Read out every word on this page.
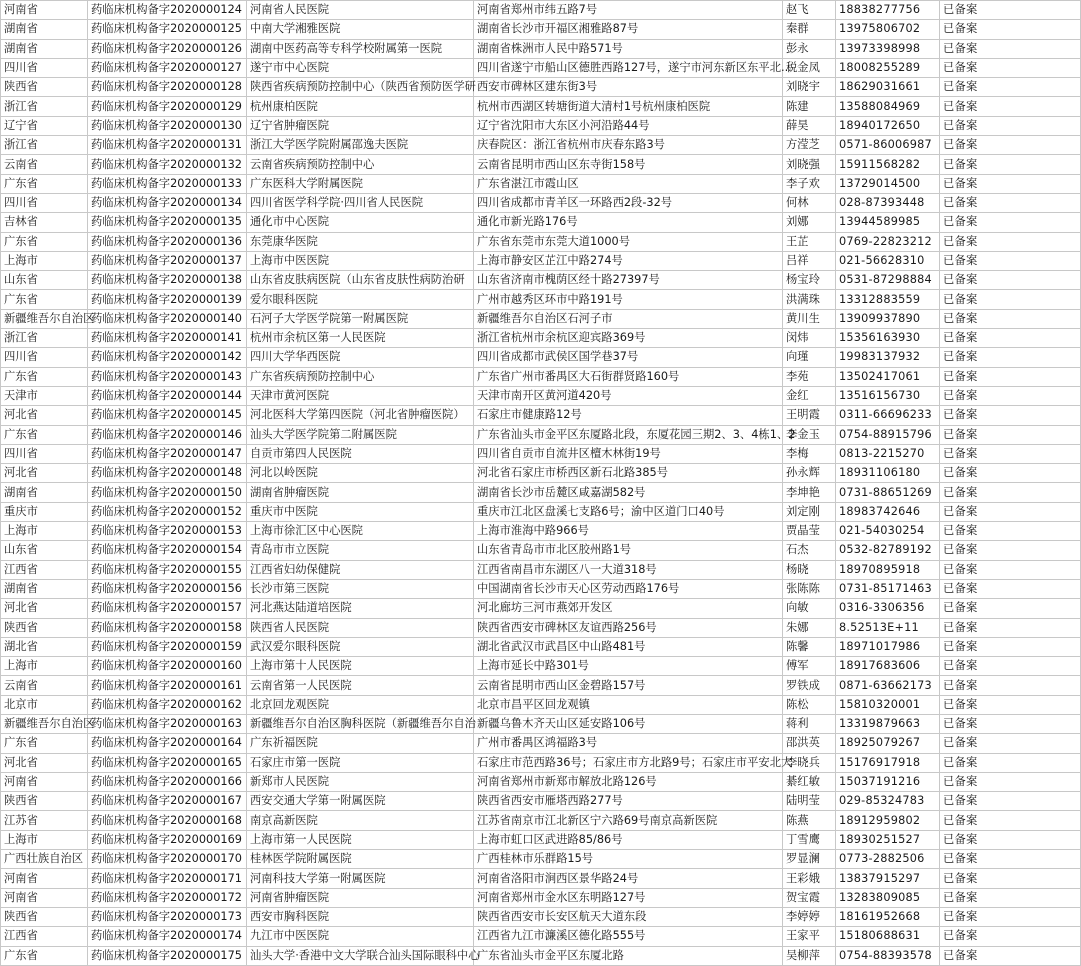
河南省	药临床机构备字2020000124	河南省人民医院	河南省郑州市纬五路7号	赵飞	18838277756	已备案
湖南省	药临床机构备字2020000125	中南大学湘雅医院	湖南省长沙市开福区湘雅路87号	秦群	13975806702	已备案
湖南省	药临床机构备字2020000126	湖南中医药高等专科学校附属第一医院	湖南省株洲市人民中路571号	彭永	13973398998	已备案
四川省	药临床机构备字2020000127	遂宁市中心医院	四川省遂宁市船山区德胜西路127号，遂宁市河东新区东平北...	税金凤	18008255289	已备案
陕西省	药临床机构备字2020000128	陕西省疾病预防控制中心（陕西省预防医学研	西安市碑林区建东街3号	刘晓宇	18629031661	已备案
浙江省	药临床机构备字2020000129	杭州康柏医院	杭州市西湖区转塘街道大清村1号杭州康柏医院	陈建	13588084969	已备案
辽宁省	药临床机构备字2020000130	辽宁省肿瘤医院	辽宁省沈阳市大东区小河沿路44号	薛昊	18940172650	已备案
浙江省	药临床机构备字2020000131	浙江大学医学院附属邵逸夫医院	庆春院区：浙江省杭州市庆春东路3号	方滢芝	0571-86006987	已备案
云南省	药临床机构备字2020000132	云南省疾病预防控制中心	云南省昆明市西山区东寺街158号	刘晓强	15911568282	已备案
广东省	药临床机构备字2020000133	广东医科大学附属医院	广东省湛江市霞山区	李子欢	13729014500	已备案
四川省	药临床机构备字2020000134	四川省医学科学院·四川省人民医院	四川省成都市青羊区一环路西2段-32号	何林	028-87393448	已备案
吉林省	药临床机构备字2020000135	通化市中心医院	通化市新光路176号	刘娜	13944589985	已备案
广东省	药临床机构备字2020000136	东莞康华医院	广东省东莞市东莞大道1000号	王芷	0769-22823212	已备案
上海市	药临床机构备字2020000137	上海市中医医院	上海市静安区芷江中路274号	吕祥	021-56628310	已备案
山东省	药临床机构备字2020000138	山东省皮肤病医院（山东省皮肤性病防治研	山东省济南市槐荫区经十路27397号	杨宝玲	0531-87298884	已备案
广东省	药临床机构备字2020000139	爱尔眼科医院	广州市越秀区环市中路191号	洪满珠	13312883559	已备案
新疆维吾尔自治区	药临床机构备字2020000140	石河子大学医学院第一附属医院	新疆维吾尔自治区石河子市	黄川生	13909937890	已备案
浙江省	药临床机构备字2020000141	杭州市余杭区第一人民医院	浙江省杭州市余杭区迎宾路369号	闵炜	15356163930	已备案
四川省	药临床机构备字2020000142	四川大学华西医院	四川省成都市武侯区国学巷37号	向瑾	19983137932	已备案
广东省	药临床机构备字2020000143	广东省疾病预防控制中心	广东省广州市番禺区大石街群贤路160号	李苑	13502417061	已备案
天津市	药临床机构备字2020000144	天津市黄河医院	天津市南开区黄河道420号	金红	13516156730	已备案
河北省	药临床机构备字2020000145	河北医科大学第四医院（河北省肿瘤医院）	石家庄市健康路12号	王明霞	0311-66696233	已备案
广东省	药临床机构备字2020000146	汕头大学医学院第二附属医院	广东省汕头市金平区东厦路北段，东厦花园三期2、3、4栋1、2	李金玉	0754-88915796	已备案
四川省	药临床机构备字2020000147	自贡市第四人民医院	四川省自贡市自流井区檀木林街19号	李梅	0813-2215270	已备案
河北省	药临床机构备字2020000148	河北以岭医院	河北省石家庄市桥西区新石北路385号	孙永辉	18931106180	已备案
湖南省	药临床机构备字2020000150	湖南省肿瘤医院	湖南省长沙市岳麓区咸嘉湖582号	李坤艳	0731-88651269	已备案
重庆市	药临床机构备字2020000152	重庆市中医院	重庆市江北区盘溪七支路6号；渝中区道门口40号	刘定刚	18983742646	已备案
上海市	药临床机构备字2020000153	上海市徐汇区中心医院	上海市淮海中路966号	贾晶莹	021-54030254	已备案
山东省	药临床机构备字2020000154	青岛市市立医院	山东省青岛市市北区胶州路1号	石杰	0532-82789192	已备案
江西省	药临床机构备字2020000155	江西省妇幼保健院	江西省南昌市东湖区八一大道318号	杨晓	18970895918	已备案
湖南省	药临床机构备字2020000156	长沙市第三医院	中国湖南省长沙市天心区劳动西路176号	张陈陈	0731-85171463	已备案
河北省	药临床机构备字2020000157	河北燕达陆道培医院	河北廊坊三河市燕郊开发区	向敏	0316-3306356	已备案
陕西省	药临床机构备字2020000158	陕西省人民医院	陕西省西安市碑林区友谊西路256号	朱娜	8.52513E+11	已备案
湖北省	药临床机构备字2020000159	武汉爱尔眼科医院	湖北省武汉市武昌区中山路481号	陈馨	18971017986	已备案
上海市	药临床机构备字2020000160	上海市第十人民医院	上海市延长中路301号	傅军	18917683606	已备案
云南省	药临床机构备字2020000161	云南省第一人民医院	云南省昆明市西山区金碧路157号	罗铁成	0871-63662173	已备案
北京市	药临床机构备字2020000162	北京回龙观医院	北京市昌平区回龙观镇	陈松	15810320001	已备案
新疆维吾尔自治区	药临床机构备字2020000163	新疆维吾尔自治区胸科医院（新疆维吾尔自治	新疆乌鲁木齐天山区延安路106号	蒋利	13319879663	已备案
广东省	药临床机构备字2020000164	广东祈福医院	广州市番禺区鸿福路3号	邵洪英	18925079267	已备案
河北省	药临床机构备字2020000165	石家庄市第一医院	石家庄市范西路36号；石家庄市方北路9号；石家庄市平安北大	李晓兵	15176917918	已备案
河南省	药临床机构备字2020000166	新郑市人民医院	河南省郑州市新郑市解放北路126号	綦红敏	15037191216	已备案
陕西省	药临床机构备字2020000167	西安交通大学第一附属医院	陕西省西安市雁塔西路277号	陆明莹	029-85324783	已备案
江苏省	药临床机构备字2020000168	南京高新医院	江苏省南京市江北新区宁六路69号南京高新医院	陈燕	18912959802	已备案
上海市	药临床机构备字2020000169	上海市第一人民医院	上海市虹口区武进路85/86号	丁雪鹰	18930251527	已备案
广西壮族自治区	药临床机构备字2020000170	桂林医学院附属医院	广西桂林市乐群路15号	罗显澜	0773-2882506	已备案
河南省	药临床机构备字2020000171	河南科技大学第一附属医院	河南省洛阳市涧西区景华路24号	王彩娥	13837915297	已备案
河南省	药临床机构备字2020000172	河南省肿瘤医院	河南省郑州市金水区东明路127号	贺宝霞	13283809085	已备案
陕西省	药临床机构备字2020000173	西安市胸科医院	陕西省西安市长安区航天大道东段	李婷婷	18161952668	已备案
江西省	药临床机构备字2020000174	九江市中医医院	江西省九江市濂溪区德化路555号	王家平	15180688631	已备案
广东省	药临床机构备字2020000175	汕头大学·香港中文大学联合汕头国际眼科中心	广东省汕头市金平区东厦北路	吴柳萍	0754-88393578	已备案
